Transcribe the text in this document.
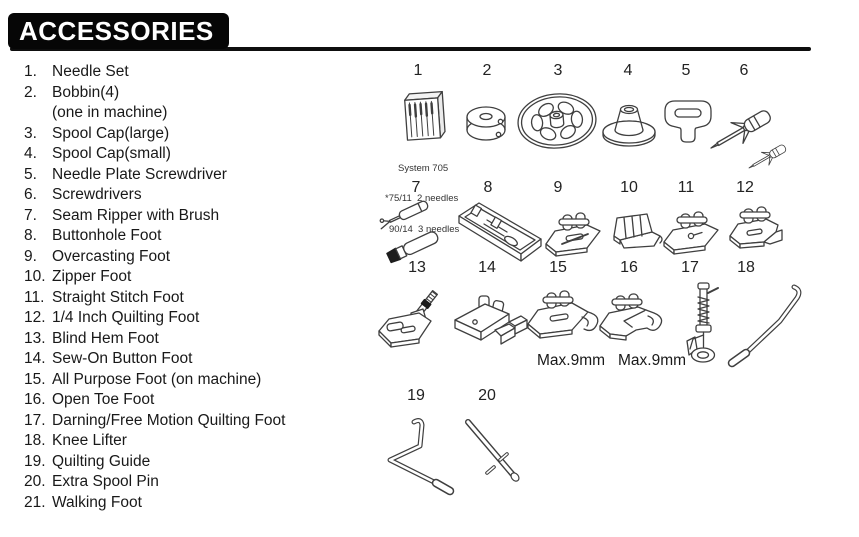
ACCESSORIES
1. Needle Set
2. Bobbin(4)
(one in machine)
3. Spool Cap(large)
4. Spool Cap(small)
5. Needle Plate Screwdriver
6. Screwdrivers
7. Seam Ripper with Brush
8. Buttonhole Foot
9. Overcasting Foot
10. Zipper Foot
11. Straight Stitch Foot
12. 1/4 Inch Quilting Foot
13. Blind Hem Foot
14. Sew-On Button Foot
15. All Purpose Foot (on machine)
16. Open Toe Foot
17. Darning/Free Motion Quilting Foot
18. Knee Lifter
19. Quilting Guide
20. Extra Spool Pin
21. Walking Foot
1	2	3	4	5	6
7	8	9	10	11	12
13	14	15	16	17	18
19	20

System 705

*75/11  2 needles

90/14  3 needles

Max.9mm Max.9mm
